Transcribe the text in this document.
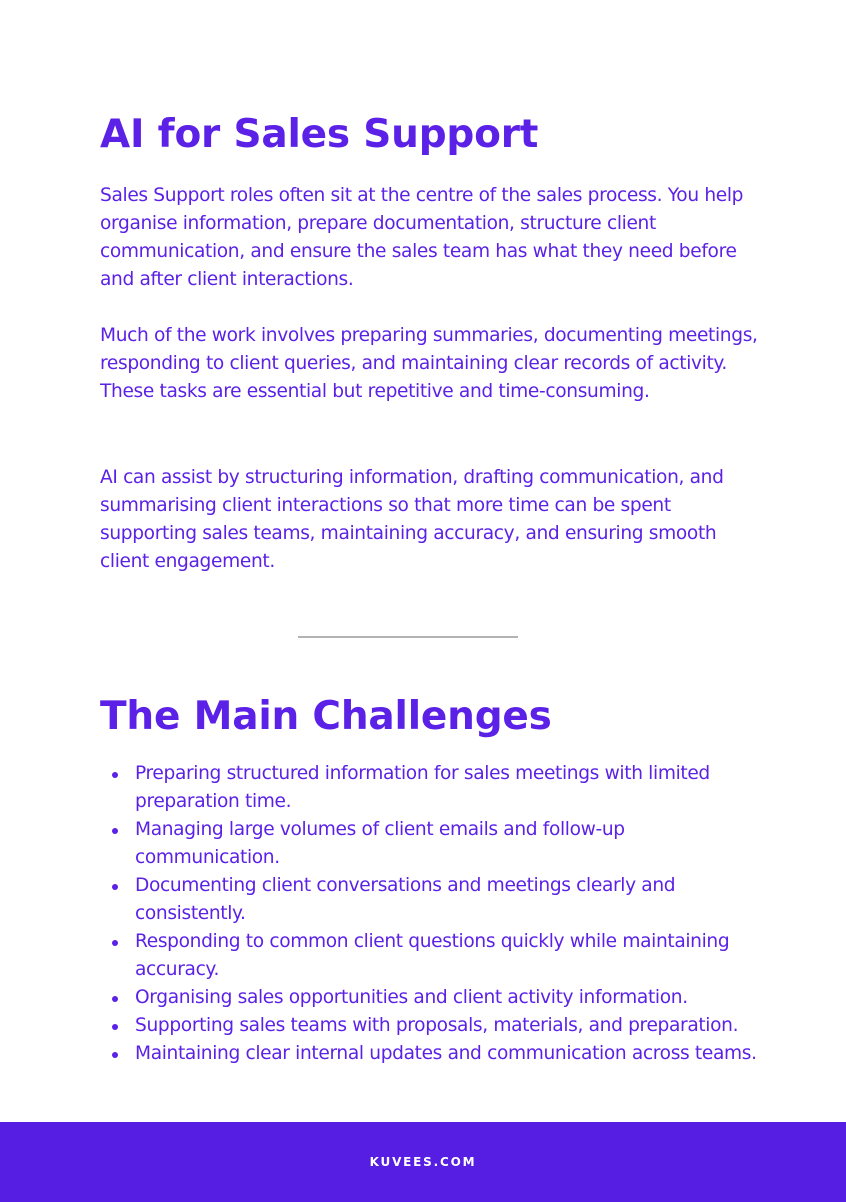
AI for Sales Support

Sales Support roles often sit at the centre of the sales process. You help organise information, prepare documentation, structure client communication, and ensure the sales team has what they need before and after client interactions.

Much of the work involves preparing summaries, documenting meetings, responding to client queries, and maintaining clear records of activity. These tasks are essential but repetitive and time-consuming.

AI can assist by structuring information, drafting communication, and summarising client interactions so that more time can be spent supporting sales teams, maintaining accuracy, and ensuring smooth client engagement.

The Main Challenges
Preparing structured information for sales meetings with limited preparation time.
Managing large volumes of client emails and follow-up communication.
Documenting client conversations and meetings clearly and consistently.
Responding to common client questions quickly while maintaining accuracy.
Organising sales opportunities and client activity information.
Supporting sales teams with proposals, materials, and preparation.
Maintaining clear internal updates and communication across teams.
KUVEES.COM
